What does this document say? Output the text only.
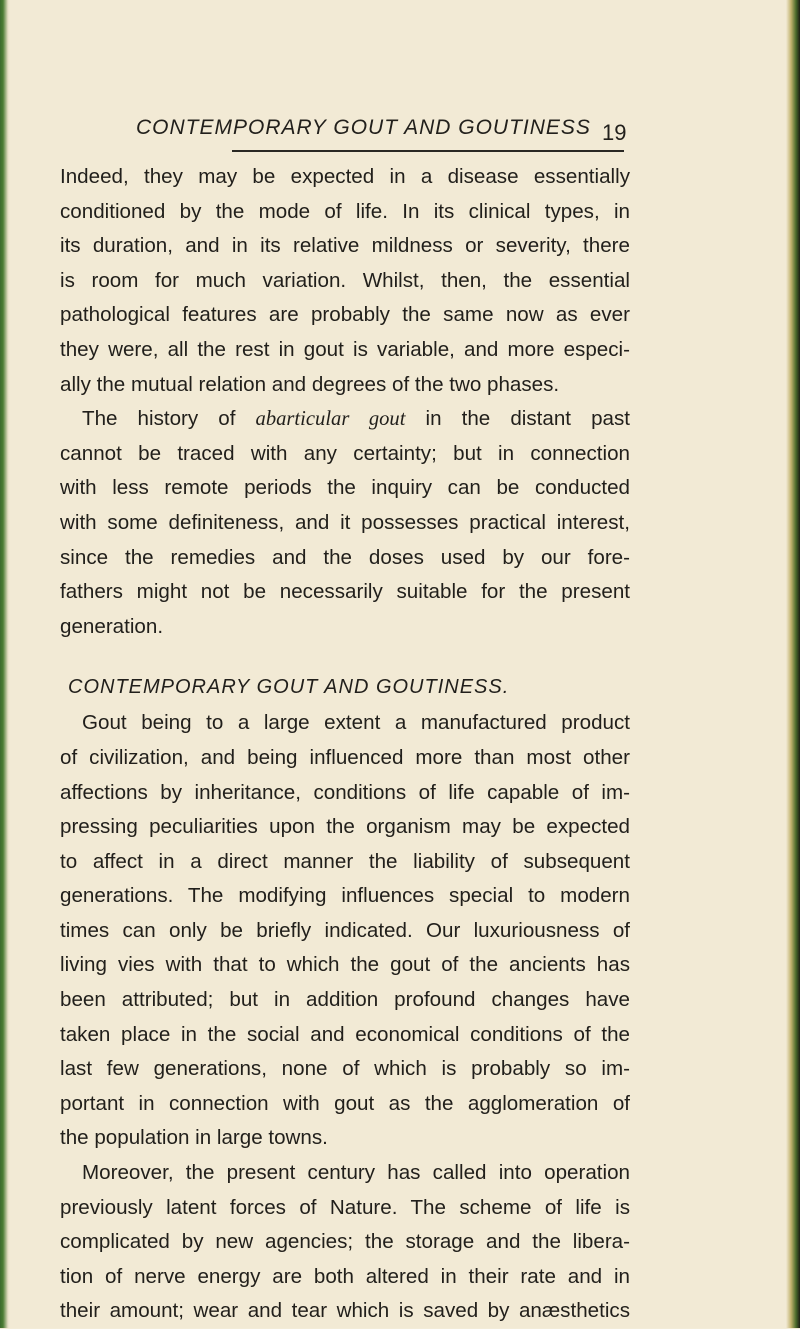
CONTEMPORARY GOUT AND GOUTINESS 19
Indeed, they may be expected in a disease essentially
conditioned by the mode of life. In its clinical types, in
its duration, and in its relative mildness or severity, there
is room for much variation. Whilst, then, the essential
pathological features are probably the same now as ever
they were, all the rest in gout is variable, and more especi-
ally the mutual relation and degrees of the two phases.
The history of abarticular gout in the distant past
cannot be traced with any certainty; but in connection
with less remote periods the inquiry can be conducted
with some definiteness, and it possesses practical interest,
since the remedies and the doses used by our fore-
fathers might not be necessarily suitable for the present
generation.
CONTEMPORARY GOUT AND GOUTINESS.
Gout being to a large extent a manufactured product
of civilization, and being influenced more than most other
affections by inheritance, conditions of life capable of im-
pressing peculiarities upon the organism may be expected
to affect in a direct manner the liability of subsequent
generations. The modifying influences special to modern
times can only be briefly indicated. Our luxuriousness of
living vies with that to which the gout of the ancients has
been attributed; but in addition profound changes have
taken place in the social and economical conditions of the
last few generations, none of which is probably so im-
portant in connection with gout as the agglomeration of
the population in large towns.
Moreover, the present century has called into operation
previously latent forces of Nature. The scheme of life is
complicated by new agencies; the storage and the libera-
tion of nerve energy are both altered in their rate and in
their amount; wear and tear which is saved by anæsthetics
